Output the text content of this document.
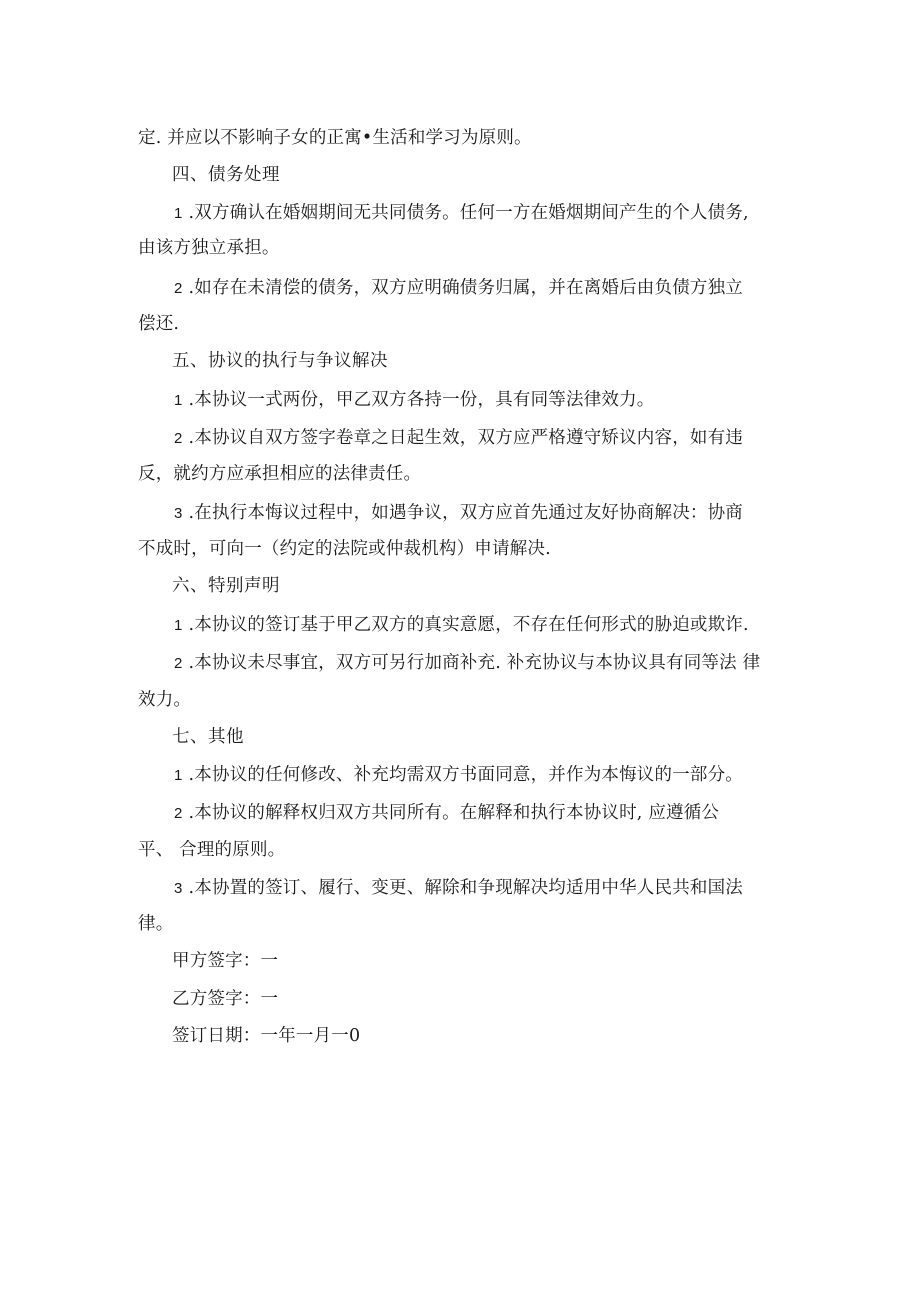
定. 并应以不影响子女的正寓•生活和学习为原则。
四、债务处理
1 .双方确认在婚姻期间无共同债务。任何一方在婚烟期间产生的个人债务,
由该方独立承担。
2 .如存在未清偿的债务，双方应明确债务归属，并在离婚后由负债方独立
偿还.
五、协议的执行与争议解决
1 .本协议一式两份，甲乙双方各持一份，具有同等法律效力。
2 .本协议自双方签字卷章之日起生效，双方应严格遵守矫议内容，如有违
反，就约方应承担相应的法律责任。
3 .在执行本悔议过程中，如遇争议，双方应首先通过友好协商解决：协商
不成时，可向一（约定的法院或仲裁机构）申请解决.
六、特别声明
1 .本协议的签订基于甲乙双方的真实意愿，不存在任何形式的胁迫或欺诈.
2 .本协议未尽事宜，双方可另行加商补充. 补充协议与本协议具有同等法 律
效力。
七、其他
1 .本协议的任何修改、补充均需双方书面同意，并作为本悔议的一部分。
2 .本协议的解释权归双方共同所有。在解释和执行本协议时, 应遵循公
平、 合理的原则。
3 .本协置的签订、履行、变更、解除和争现解决均适用中华人民共和国法
律。
甲方签字：一
乙方签字：一
签订日期：一年一月一0
